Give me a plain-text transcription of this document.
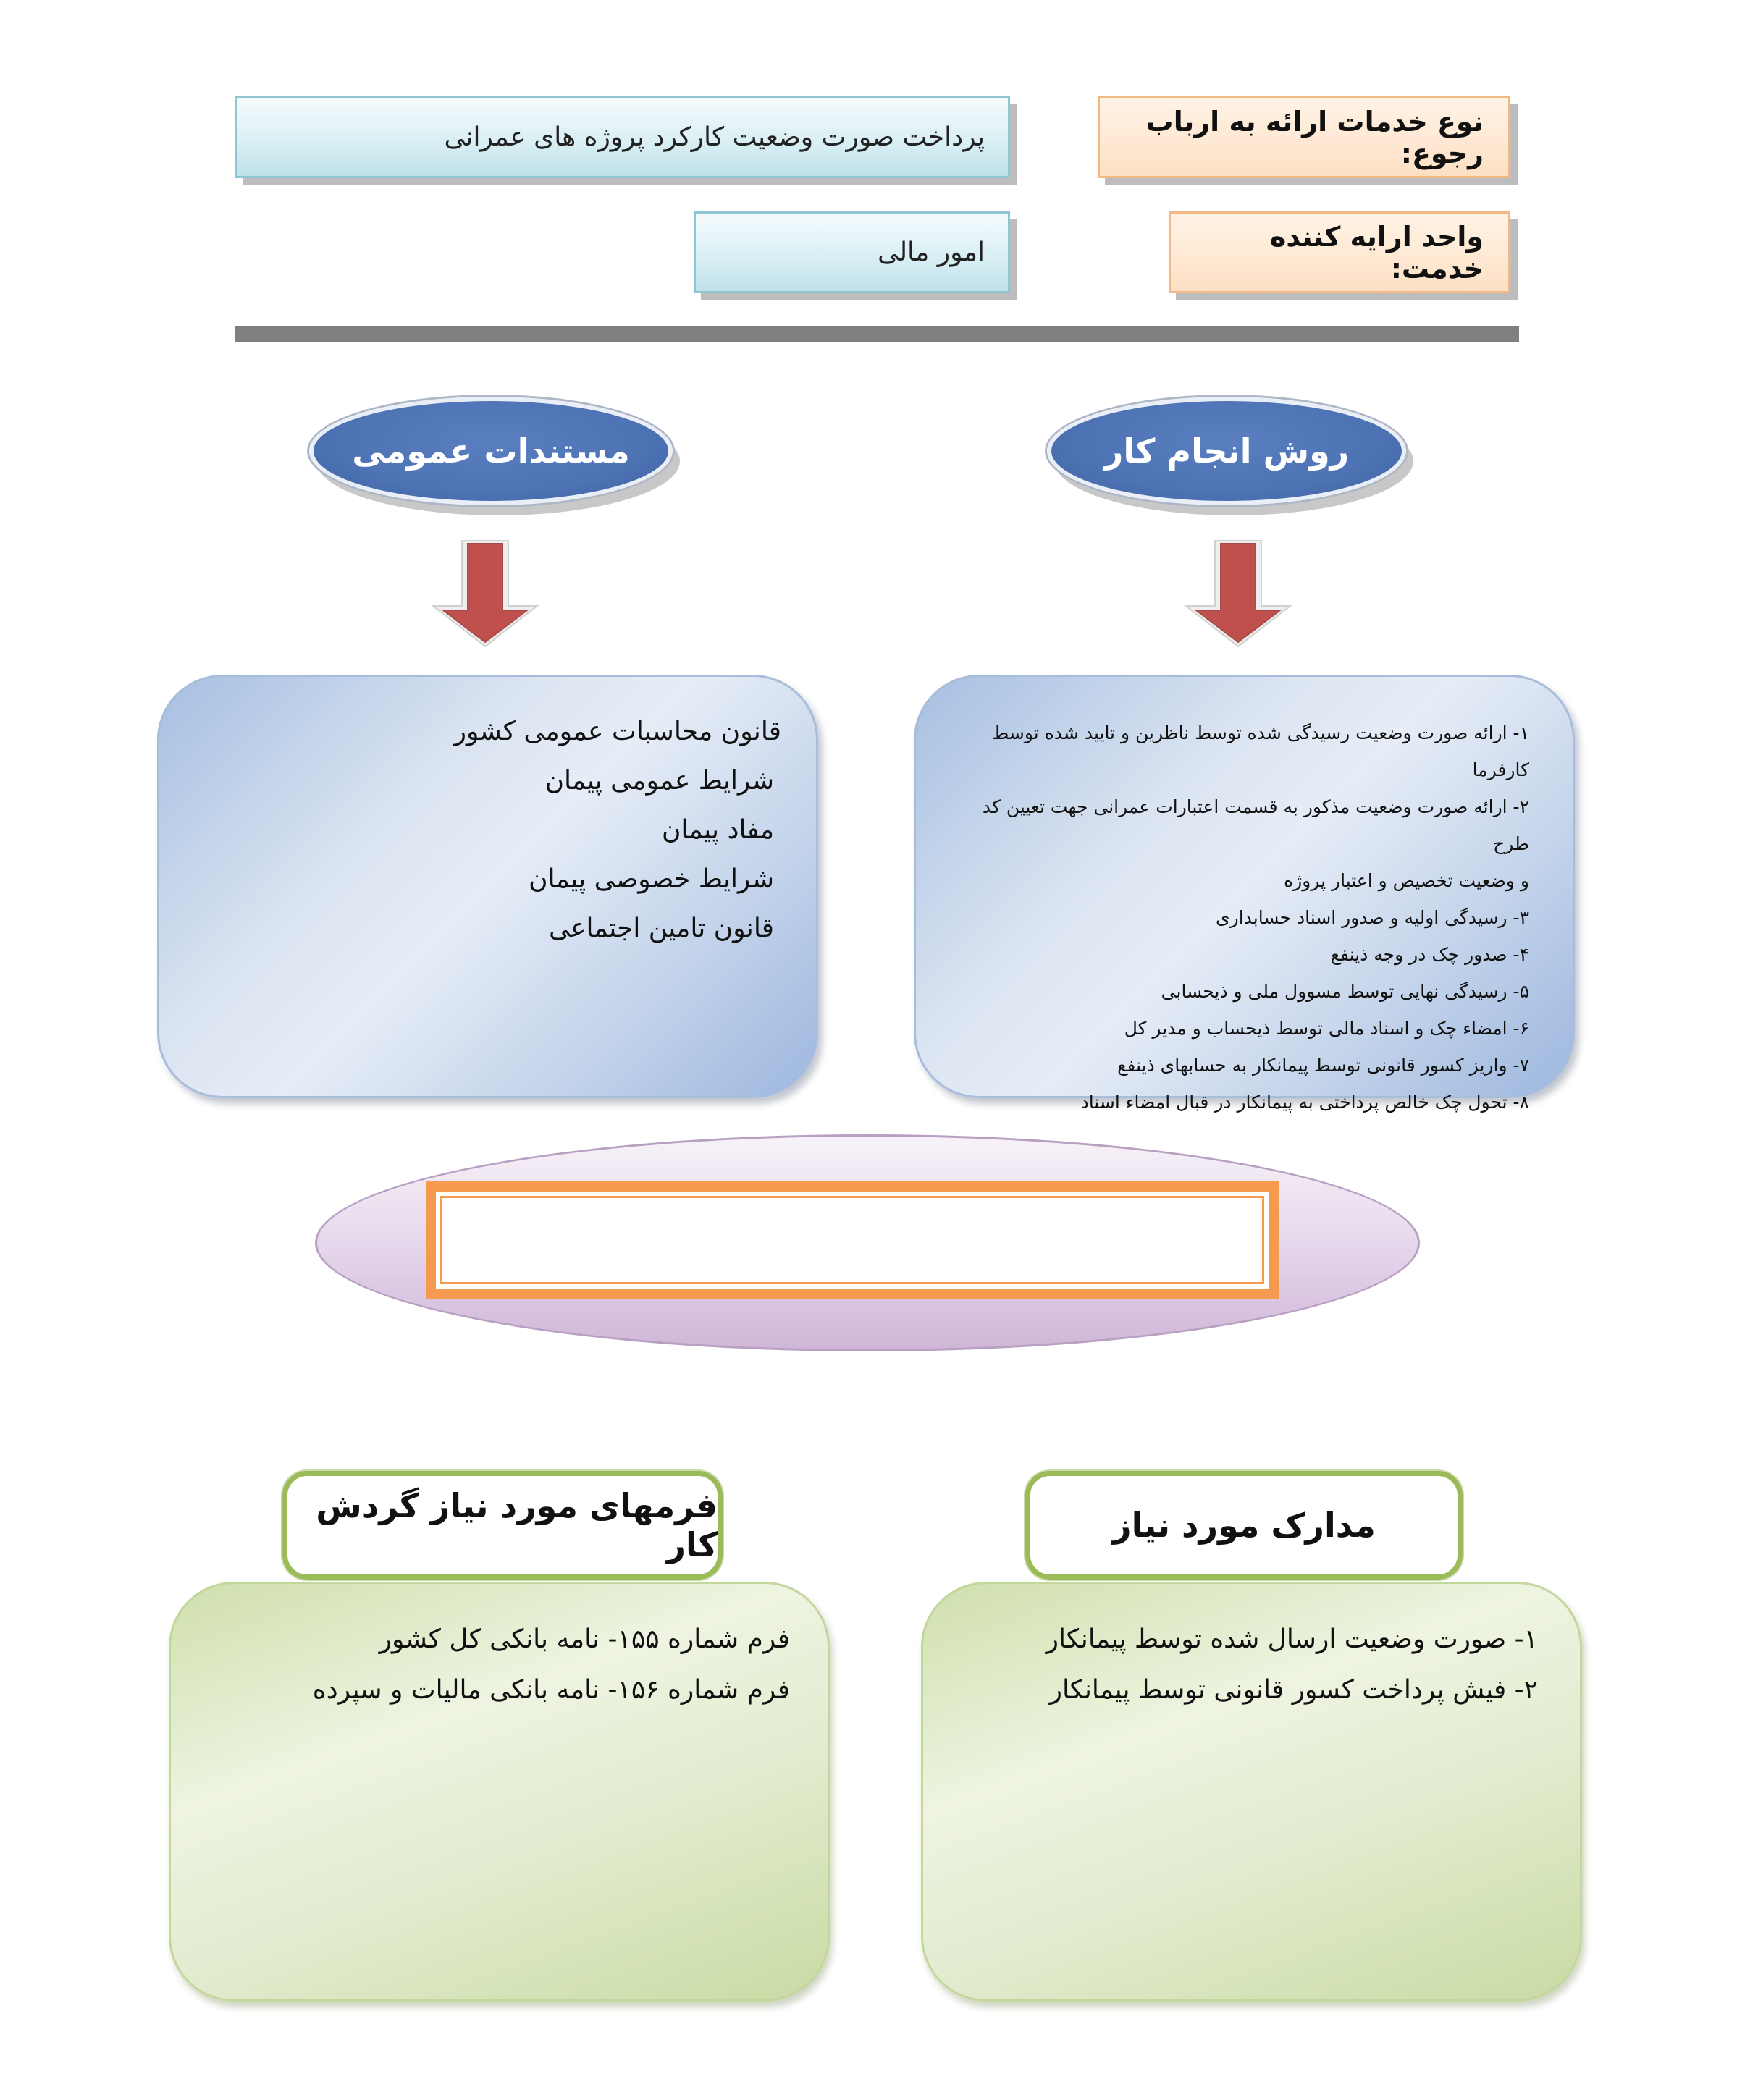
نوع خدمات ارائه به ارباب رجوع:
پرداخت صورت وضعیت کارکرد پروژه های عمرانی
واحد ارایه کننده خدمت:
امور مالی
روش انجام کار
مستندات عمومی
۱- ارائه صورت وضعیت رسیدگی شده توسط ناظرین و تایید شده توسط کارفرما
۲- ارائه صورت وضعیت مذکور به قسمت اعتبارات عمرانی جهت تعیین کد طرح
و وضعیت تخصیص و اعتبار پروژه
۳- رسیدگی اولیه و صدور اسناد حسابداری
۴- صدور چک در وجه ذینفع
۵- رسیدگی نهایی توسط مسوول ملی و ذیحسابی
۶- امضاء چک و اسناد مالی توسط ذیحساب و مدیر کل
۷- واریز کسور قانونی توسط پیمانکار به حسابهای ذینفع
۸- تحول چک خالص پرداختی به پیمانکار در قبال امضاء اسناد
قانون محاسبات عمومی کشور
شرایط عمومی پیمان
مفاد پیمان
شرایط خصوصی پیمان
قانون تامین اجتماعی
مدارک مورد نیاز
فرمهای مورد نیاز گردش کار
۱- صورت وضعیت ارسال شده توسط پیمانکار
۲- فیش پرداخت کسور قانونی توسط پیمانکار
فرم شماره ۱۵۵- نامه بانکی کل کشور
فرم شماره ۱۵۶- نامه بانکی مالیات و سپرده
